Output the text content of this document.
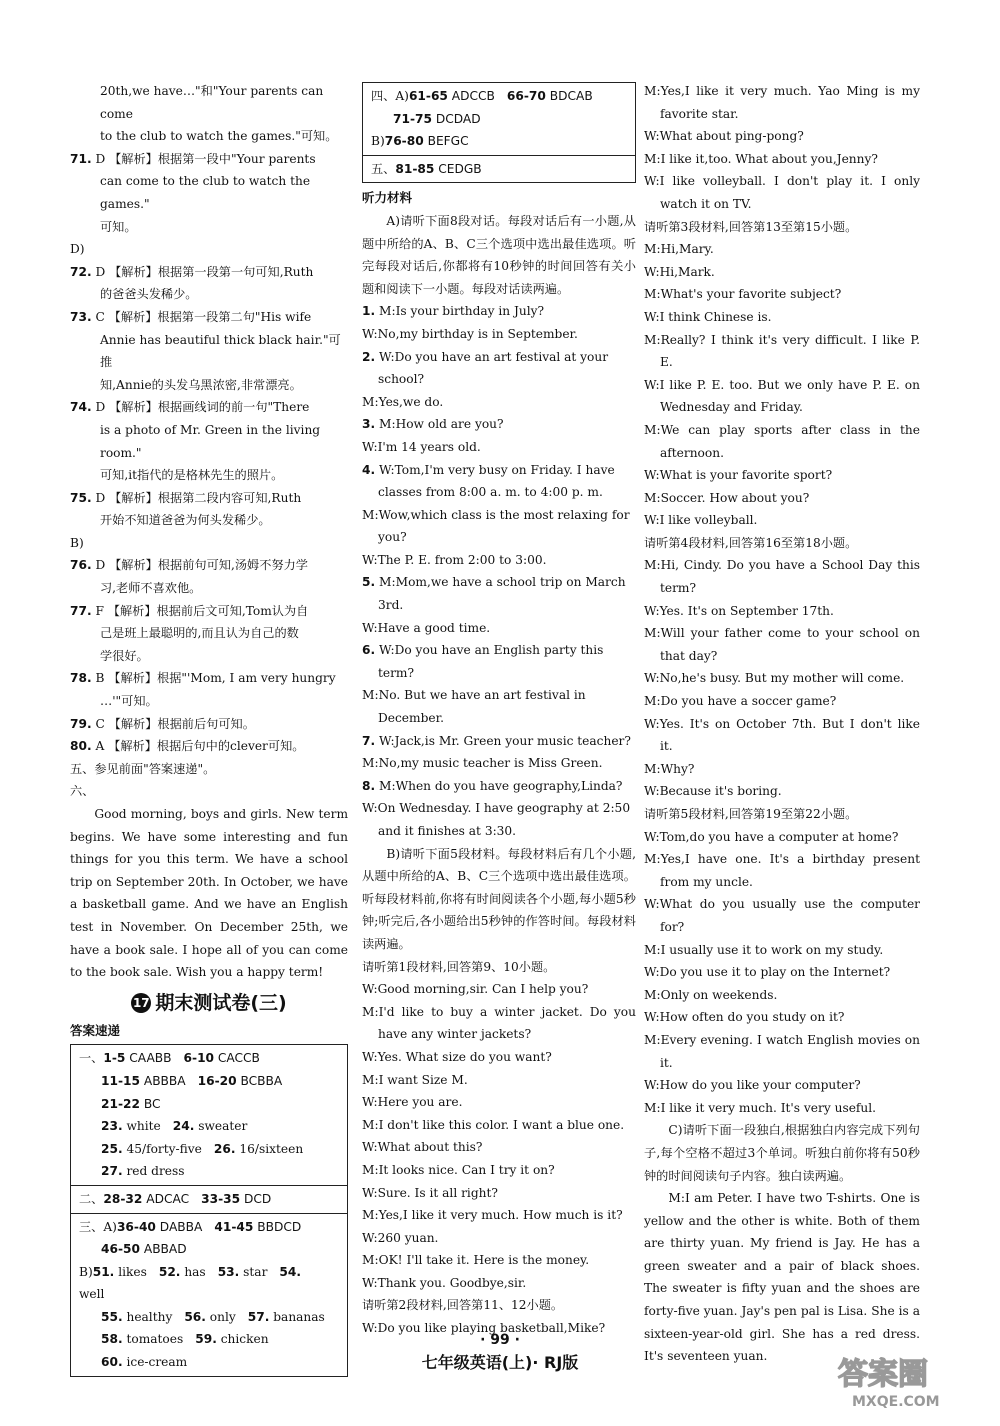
20th,we have…"和"Your parents can come

to the club to watch the games."可知。

71. D 【解析】根据第一段中"Your parents

can come to the club to watch the games."

可知。

D)

72. D 【解析】根据第一段第一句可知,Ruth

的爸爸头发稀少。

73. C 【解析】根据第一段第二句"His wife

Annie has beautiful thick black hair."可推

知,Annie的头发乌黑浓密,非常漂亮。

74. D 【解析】根据画线词的前一句"There

is a photo of Mr. Green in the living room."

可知,it指代的是格林先生的照片。

75. D 【解析】根据第二段内容可知,Ruth

开始不知道爸爸为何头发稀少。

B)

76. D 【解析】根据前句可知,汤姆不努力学

习,老师不喜欢他。

77. F 【解析】根据前后文可知,Tom认为自

己是班上最聪明的,而且认为自己的数

学很好。

78. B 【解析】根据"'Mom, I am very hungry

…'"可知。

79. C 【解析】根据前后句可知。

80. A 【解析】根据后句中的clever可知。

五、参见前面"答案速递"。

六、

Good morning, boys and girls. New term begins. We have some interesting and fun things for you this term. We have a school trip on September 20th. In October, we have a basketball game. And we have an English test in November. On December 25th, we have a book sale. I hope all of you can come to the book sale. Wish you a happy term!

17 期末测试卷(三)

答案速递

一、1-5 CAABB 6-10 CACCB
11-15 ABBBA 16-20 BCBBA
21-22 BC
23. white 24. sweater
25. 45/forty-five 26. 16/sixteen
27. red dress
二、28-32 ADCAC 33-35 DCD
三、A)36-40 DABBA 41-45 BBDCD
46-50 ABBAD
B)51. likes 52. has 53. star 54. well
55. healthy 56. only 57. bananas
58. tomatoes 59. chicken
60. ice-cream
四、A)61-65 ADCCB 66-70 BDCAB
71-75 DCDAD
B)76-80 BEFGC
五、81-85 CEDGB

听力材料

A)请听下面8段对话。每段对话后有一小题,从题中所给的A、B、C三个选项中选出最佳选项。听完每段对话后,你都将有10秒钟的时间回答有关小题和阅读下一小题。每段对话读两遍。

1. M:Is your birthday in July?

W:No,my birthday is in September.

2. W:Do you have an art festival at your school?

M:Yes,we do.

3. M:How old are you?

W:I'm 14 years old.

4. W:Tom,I'm very busy on Friday. I have classes from 8:00 a. m. to 4:00 p. m.

M:Wow,which class is the most relaxing for you?

W:The P. E. from 2:00 to 3:00.

5. M:Mom,we have a school trip on March 3rd.

W:Have a good time.

6. W:Do you have an English party this term?

M:No. But we have an art festival in December.

7. W:Jack,is Mr. Green your music teacher?

M:No,my music teacher is Miss Green.

8. M:When do you have geography,Linda?

W:On Wednesday. I have geography at 2:50 and it finishes at 3:30.

B)请听下面5段材料。每段材料后有几个小题,从题中所给的A、B、C三个选项中选出最佳选项。听每段材料前,你将有时间阅读各个小题,每小题5秒钟;听完后,各小题给出5秒钟的作答时间。每段材料读两遍。

请听第1段材料,回答第9、10小题。

W:Good morning,sir. Can I help you?

M:I'd like to buy a winter jacket. Do you have any winter jackets?

W:Yes. What size do you want?

M:I want Size M.

W:Here you are.

M:I don't like this color. I want a blue one.

W:What about this?

M:It looks nice. Can I try it on?

W:Sure. Is it all right?

M:Yes,I like it very much. How much is it?

W:260 yuan.

M:OK! I'll take it. Here is the money.

W:Thank you. Goodbye,sir.

请听第2段材料,回答第11、12小题。

W:Do you like playing basketball,Mike?

M:Yes,I like it very much. Yao Ming is my favorite star.

W:What about ping-pong?

M:I like it,too. What about you,Jenny?

W:I like volleyball. I don't play it. I only watch it on TV.

请听第3段材料,回答第13至第15小题。

M:Hi,Mary.

W:Hi,Mark.

M:What's your favorite subject?

W:I think Chinese is.

M:Really? I think it's very difficult. I like P. E.

W:I like P. E. too. But we only have P. E. on Wednesday and Friday.

M:We can play sports after class in the afternoon.

W:What is your favorite sport?

M:Soccer. How about you?

W:I like volleyball.

请听第4段材料,回答第16至第18小题。

M:Hi, Cindy. Do you have a School Day this term?

W:Yes. It's on September 17th.

M:Will your father come to your school on that day?

W:No,he's busy. But my mother will come.

M:Do you have a soccer game?

W:Yes. It's on October 7th. But I don't like it.

M:Why?

W:Because it's boring.

请听第5段材料,回答第19至第22小题。

W:Tom,do you have a computer at home?

M:Yes,I have one. It's a birthday present from my uncle.

W:What do you usually use the computer for?

M:I usually use it to work on my study.

W:Do you use it to play on the Internet?

M:Only on weekends.

W:How often do you study on it?

M:Every evening. I watch English movies on it.

W:How do you like your computer?

M:I like it very much. It's very useful.

C)请听下面一段独白,根据独白内容完成下列句子,每个空格不超过3个单词。听独白前你将有50秒钟的时间阅读句子内容。独白读两遍。

M:I am Peter. I have two T-shirts. One is yellow and the other is white. Both of them are thirty yuan. My friend is Jay. He has a green sweater and a pair of black shoes. The sweater is fifty yuan and the shoes are forty-five yuan. Jay's pen pal is Lisa. She is a sixteen-year-old girl. She has a red dress. It's seventeen yuan.

· 99 ·
七年级英语(上)· RJ版	答案圈
MXQE.COM
